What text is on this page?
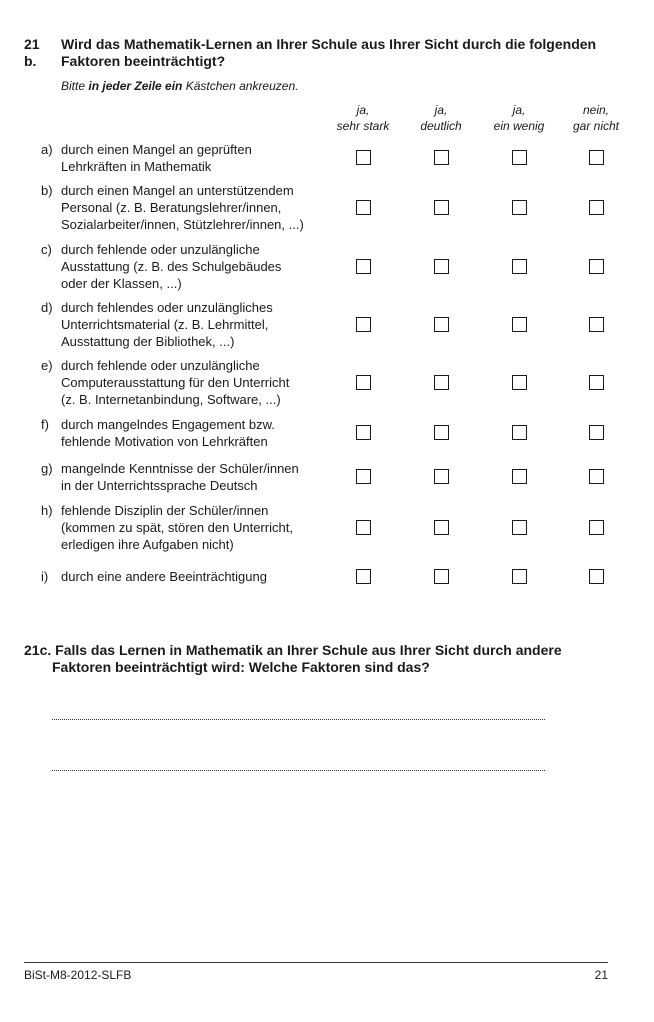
21
b.
Wird das Mathematik-Lernen an Ihrer Schule aus Ihrer Sicht durch die folgenden
Faktoren beeinträchtigt?
Bitte in jeder Zeile ein Kästchen ankreuzen.
ja,
sehr stark
ja,
deutlich
ja,
ein wenig
nein,
gar nicht
a) durch einen Mangel an geprüften
Lehrkräften in Mathematik
b) durch einen Mangel an unterstützendem
Personal (z. B. Beratungslehrer/innen,
Sozialarbeiter/innen, Stützlehrer/innen, ...)
c) durch fehlende oder unzulängliche
Ausstattung (z. B. des Schulgebäudes
oder der Klassen, ...)
d) durch fehlendes oder unzulängliches
Unterrichtsmaterial (z. B. Lehrmittel,
Ausstattung der Bibliothek, ...)
e) durch fehlende oder unzulängliche
Computerausstattung für den Unterricht
(z. B. Internetanbindung, Software, ...)
f) durch mangelndes Engagement bzw.
fehlende Motivation von Lehrkräften
g) mangelnde Kenntnisse der Schüler/innen
in der Unterrichtssprache Deutsch
h) fehlende Disziplin der Schüler/innen
(kommen zu spät, stören den Unterricht,
erledigen ihre Aufgaben nicht)
i) durch eine andere Beeinträchtigung
21c. Falls das Lernen in Mathematik an Ihrer Schule aus Ihrer Sicht durch andere
Faktoren beeinträchtigt wird: Welche Faktoren sind das?
BiSt-M8-2012-SLFB	21
